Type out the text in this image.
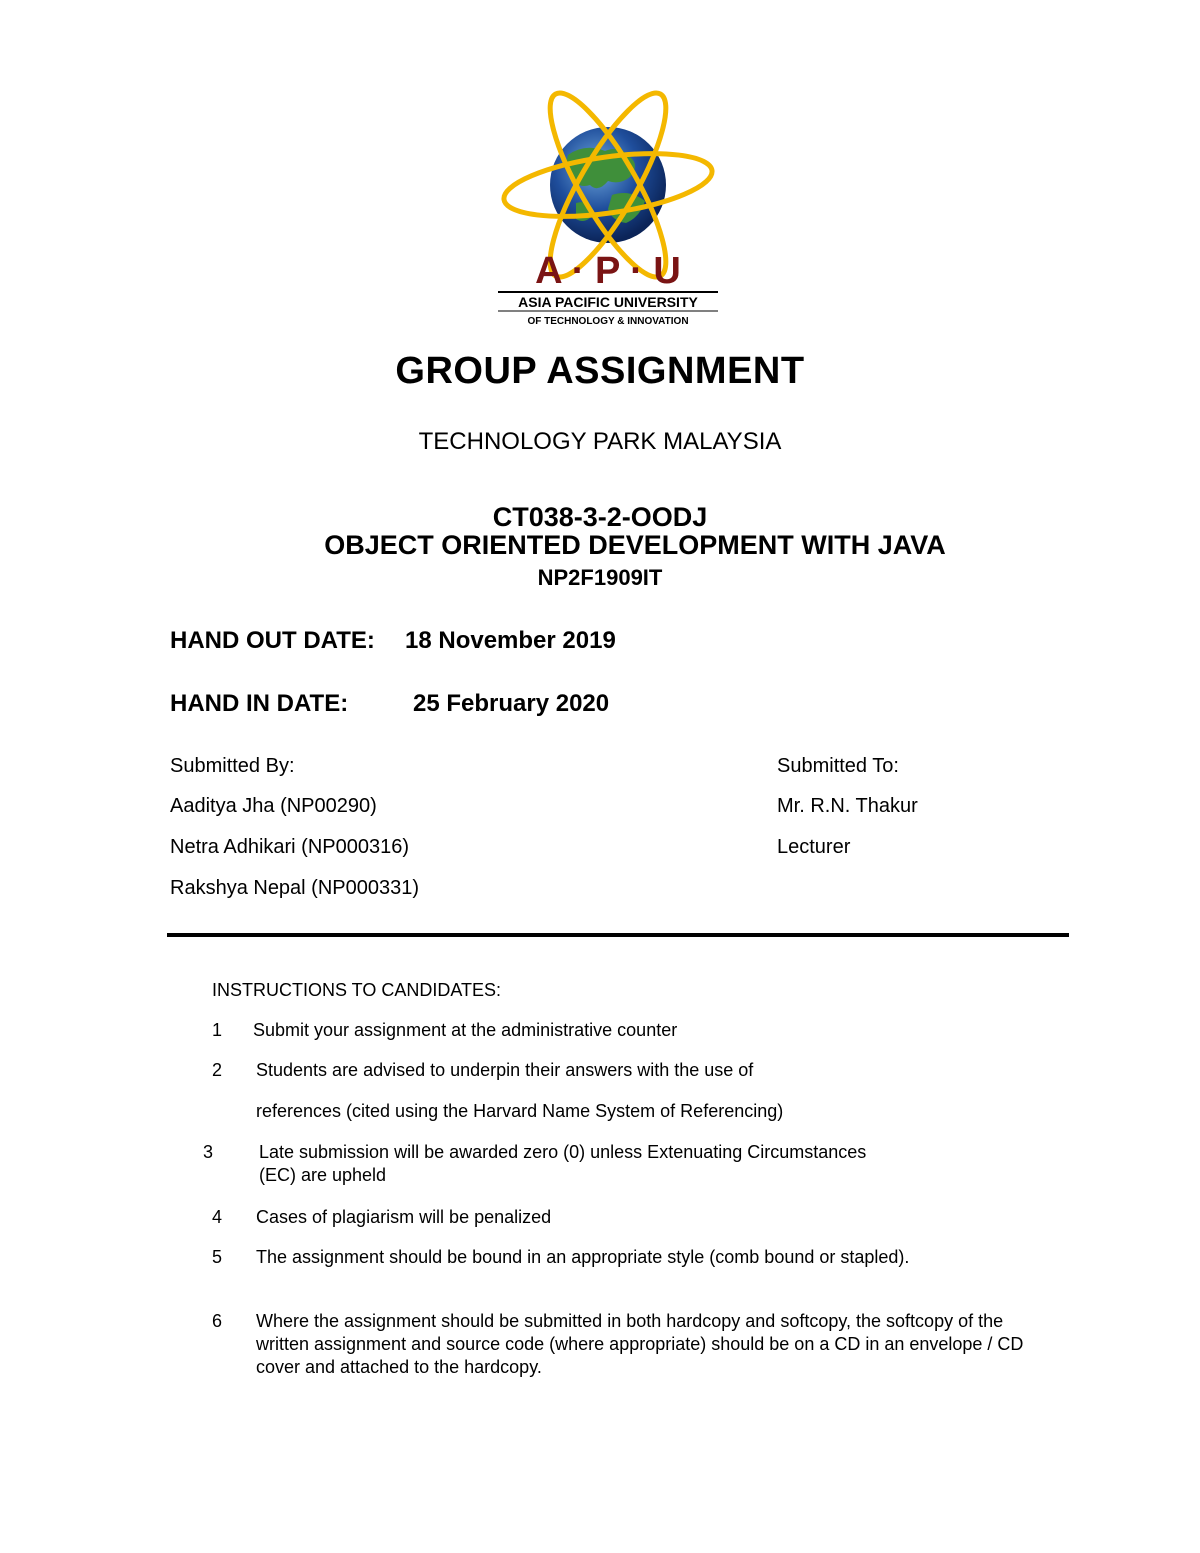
A · P · U
ASIA PACIFIC UNIVERSITY
OF TECHNOLOGY & INNOVATION
GROUP ASSIGNMENT
TECHNOLOGY PARK MALAYSIA
CT038-3-2-OODJ
OBJECT ORIENTED DEVELOPMENT WITH JAVA
NP2F1909IT
HAND OUT DATE: 18 November 2019
HAND IN DATE:	25 February 2020
Submitted By:
Aaditya Jha (NP00290)
Netra Adhikari (NP000316)
Rakshya Nepal (NP000331)
Submitted To:
Mr. R.N. Thakur
Lecturer
INSTRUCTIONS TO CANDIDATES:
1 Submit your assignment at the administrative counter
2 Students are advised to underpin their answers with the use of
references (cited using the Harvard Name System of Referencing)
3	Late submission will be awarded zero (0) unless Extenuating Circumstances (EC) are upheld
4 Cases of plagiarism will be penalized
5 The assignment should be bound in an appropriate style (comb bound or stapled).
6 Where the assignment should be submitted in both hardcopy and softcopy, the softcopy of the written assignment and source code (where appropriate) should be on a CD in an envelope / CD cover and attached to the hardcopy.
